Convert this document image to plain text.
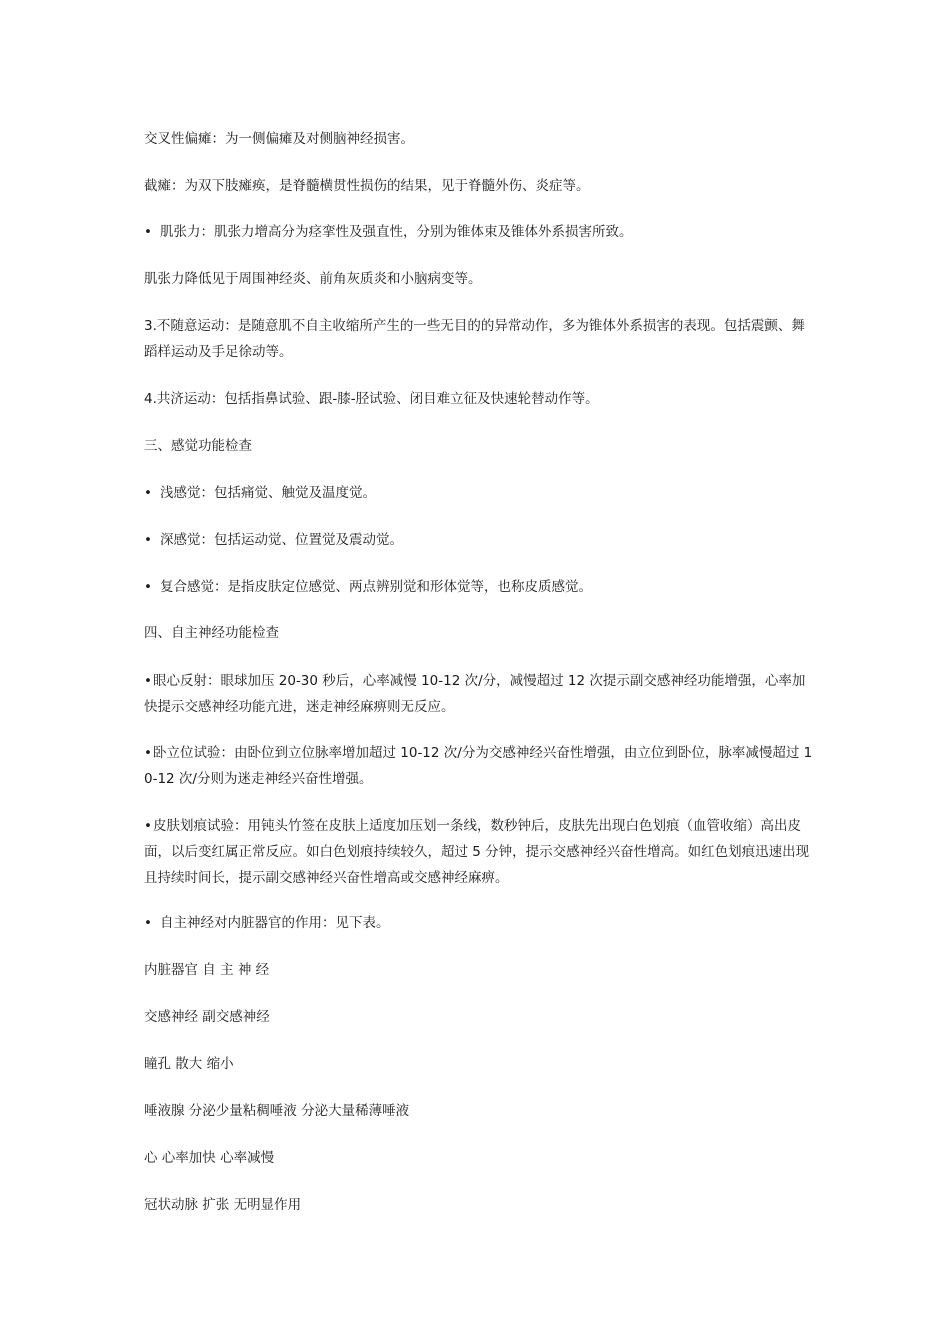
交叉性偏瘫：为一侧偏瘫及对侧脑神经损害。
截瘫：为双下肢瘫痪，是脊髓横贯性损伤的结果，见于脊髓外伤、炎症等。
• 肌张力：肌张力增高分为痉挛性及强直性，分别为锥体束及锥体外系损害所致。
肌张力降低见于周围神经炎、前角灰质炎和小脑病变等。
3.不随意运动：是随意肌不自主收缩所产生的一些无目的的异常动作，多为锥体外系损害的表现。包括震颤、舞蹈样运动及手足徐动等。
4.共济运动：包括指鼻试验、跟-膝-胫试验、闭目难立征及快速轮替动作等。
三、感觉功能检查
• 浅感觉：包括痛觉、触觉及温度觉。
• 深感觉：包括运动觉、位置觉及震动觉。
• 复合感觉：是指皮肤定位感觉、两点辨别觉和形体觉等，也称皮质感觉。
四、自主神经功能检查
• 眼心反射：眼球加压 20-30 秒后，心率减慢 10-12 次/分，减慢超过 12 次提示副交感神经功能增强，心率加快提示交感神经功能亢进，迷走神经麻痹则无反应。
• 卧立位试验：由卧位到立位脉率增加超过 10-12 次/分为交感神经兴奋性增强，由立位到卧位，脉率减慢超过 10-12 次/分则为迷走神经兴奋性增强。
• 皮肤划痕试验：用钝头竹签在皮肤上适度加压划一条线，数秒钟后，皮肤先出现白色划痕（血管收缩）高出皮面，以后变红属正常反应。如白色划痕持续较久，超过 5 分钟，提示交感神经兴奋性增高。如红色划痕迅速出现且持续时间长，提示副交感神经兴奋性增高或交感神经麻痹。
• 自主神经对内脏器官的作用：见下表。
内脏器官 自 主 神 经
交感神经 副交感神经
瞳孔 散大 缩小
唾液腺 分泌少量粘稠唾液 分泌大量稀薄唾液
心 心率加快 心率减慢
冠状动脉 扩张 无明显作用
